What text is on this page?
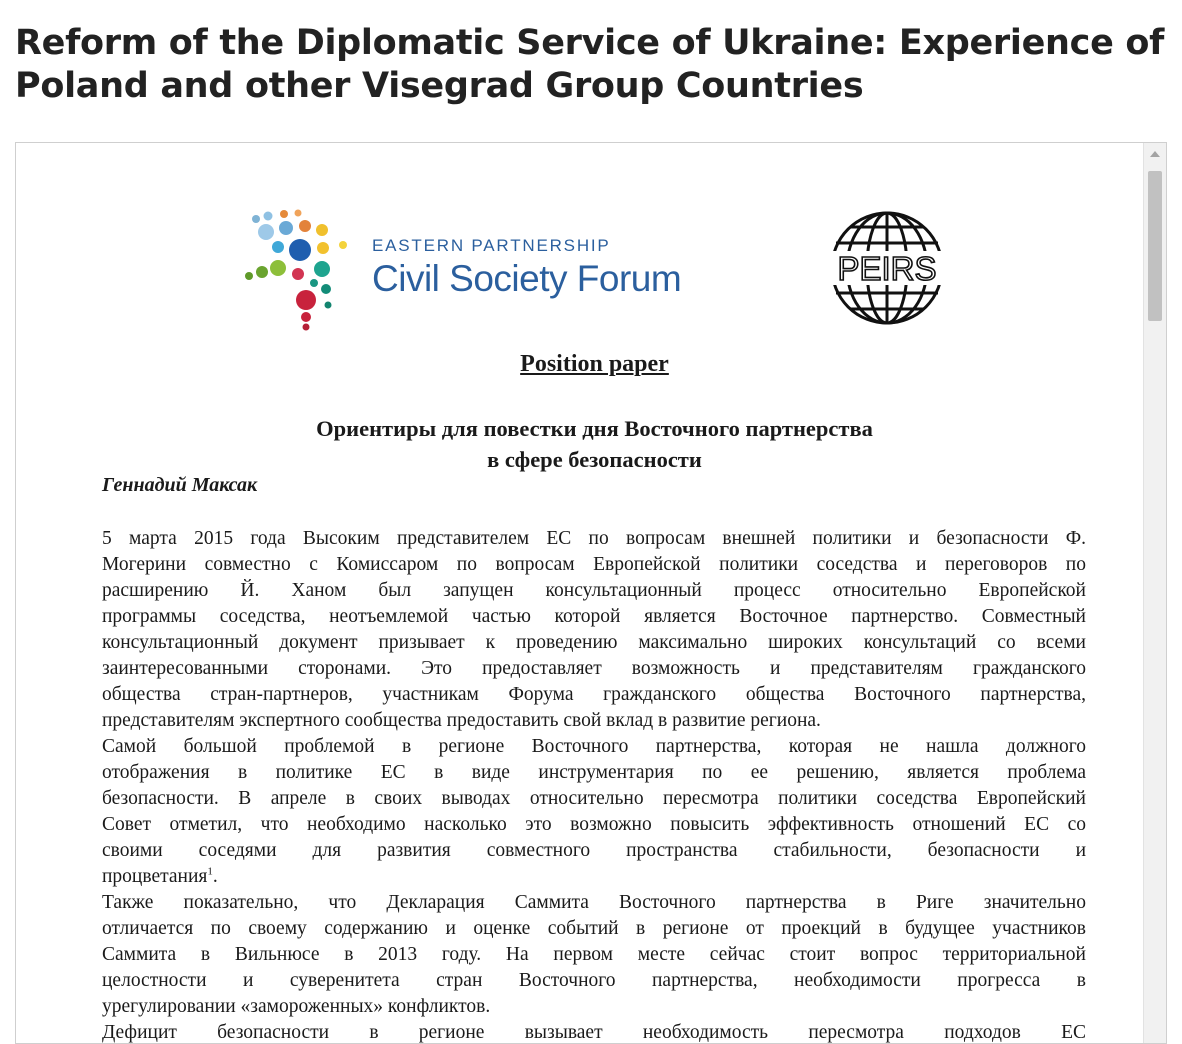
Reform of the Diplomatic Service of Ukraine: Experience of Poland and other Visegrad Group Countries
EASTERN PARTNERSHIP
Civil Society Forum	PEIRS
Position paper
Ориентиры для повестки дня Восточного партнерства
в сфере безопасности
Геннадий Максак
5 марта 2015 года Высоким представителем ЕС по вопросам внешней политики и безопасности Ф.
Могерини совместно с Комиссаром по вопросам Европейской политики соседства и переговоров по
расширению Й. Ханом был запущен консультационный процесс относительно Европейской
программы соседства, неотъемлемой частью которой является Восточное партнерство. Совместный
консультационный документ призывает к проведению максимально широких консультаций со всеми
заинтересованными сторонами. Это предоставляет возможность и представителям гражданского
общества стран-партнеров, участникам Форума гражданского общества Восточного партнерства,
представителям экспертного сообщества предоставить свой вклад в развитие региона.
Самой большой проблемой в регионе Восточного партнерства, которая не нашла должного
отображения в политике ЕС в виде инструментария по ее решению, является проблема
безопасности. В апреле в своих выводах относительно пересмотра политики соседства Европейский
Совет отметил, что необходимо насколько это возможно повысить эффективность отношений ЕС со
своими соседями для развития совместного пространства стабильности, безопасности и
процветания$^1$.
Также показательно, что Декларация Саммита Восточного партнерства в Риге значительно
отличается по своему содержанию и оценке событий в регионе от проекций в будущее участников
Саммита в Вильнюсе в 2013 году. На первом месте сейчас стоит вопрос территориальной
целостности и суверенитета стран Восточного партнерства, необходимости прогресса в
урегулировании «замороженных» конфликтов.
Дефицит безопасности в регионе вызывает необходимость пересмотра подходов ЕС
